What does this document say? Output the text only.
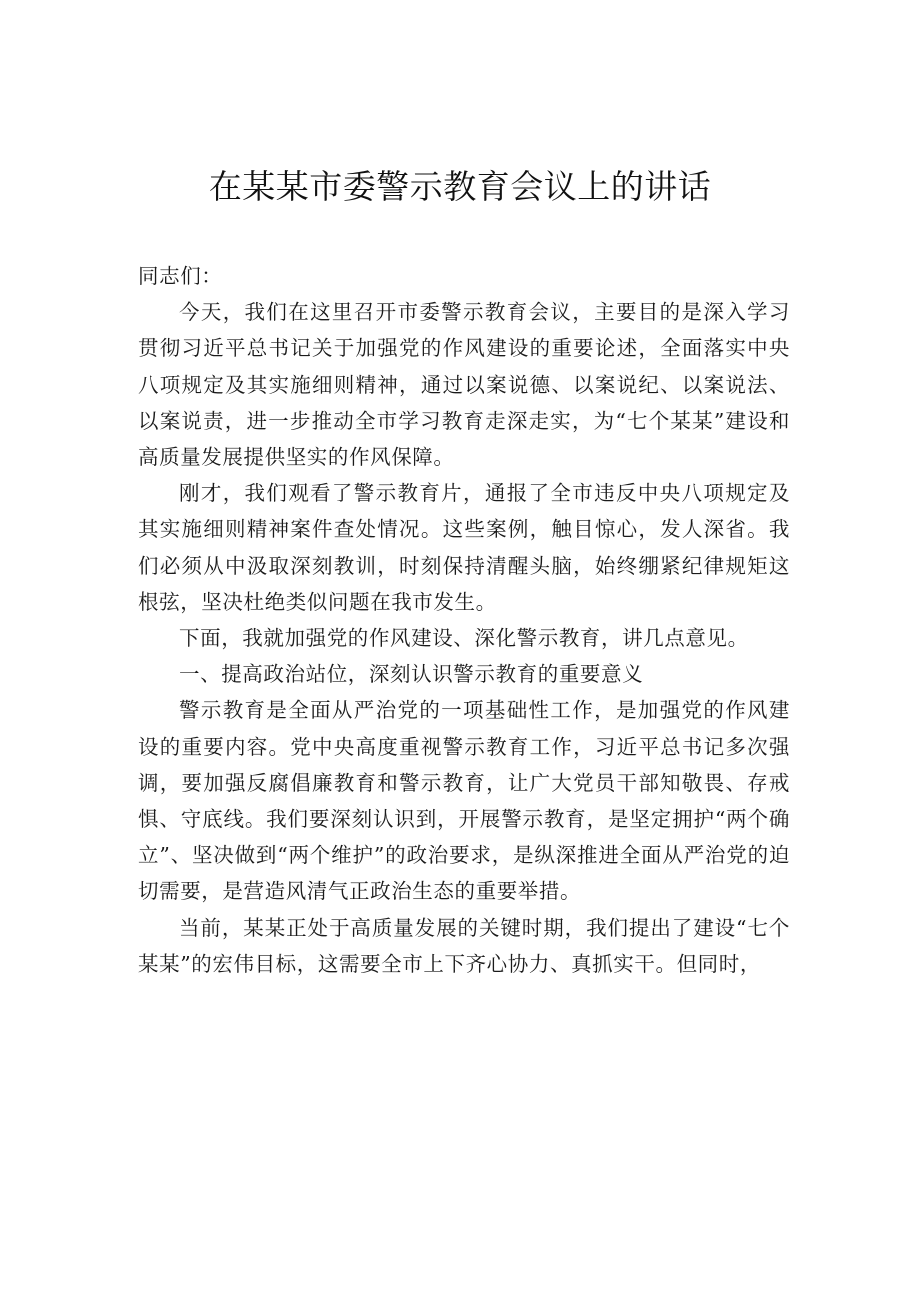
在某某市委警示教育会议上的讲话

同志们：

今天，我们在这里召开市委警示教育会议，主要目的是深入学习贯彻习近平总书记关于加强党的作风建设的重要论述，全面落实中央八项规定及其实施细则精神，通过以案说德、以案说纪、以案说法、以案说责，进一步推动全市学习教育走深走实，为“七个某某”建设和高质量发展提供坚实的作风保障。

刚才，我们观看了警示教育片，通报了全市违反中央八项规定及其实施细则精神案件查处情况。这些案例，触目惊心，发人深省。我们必须从中汲取深刻教训，时刻保持清醒头脑，始终绷紧纪律规矩这根弦，坚决杜绝类似问题在我市发生。

下面，我就加强党的作风建设、深化警示教育，讲几点意见。

一、提高政治站位，深刻认识警示教育的重要意义

警示教育是全面从严治党的一项基础性工作，是加强党的作风建设的重要内容。党中央高度重视警示教育工作，习近平总书记多次强调，要加强反腐倡廉教育和警示教育，让广大党员干部知敬畏、存戒惧、守底线。我们要深刻认识到，开展警示教育，是坚定拥护“两个确立”、坚决做到“两个维护”的政治要求，是纵深推进全面从严治党的迫切需要，是营造风清气正政治生态的重要举措。

当前，某某正处于高质量发展的关键时期，我们提出了建设“七个某某”的宏伟目标，这需要全市上下齐心协力、真抓实干。但同时，
